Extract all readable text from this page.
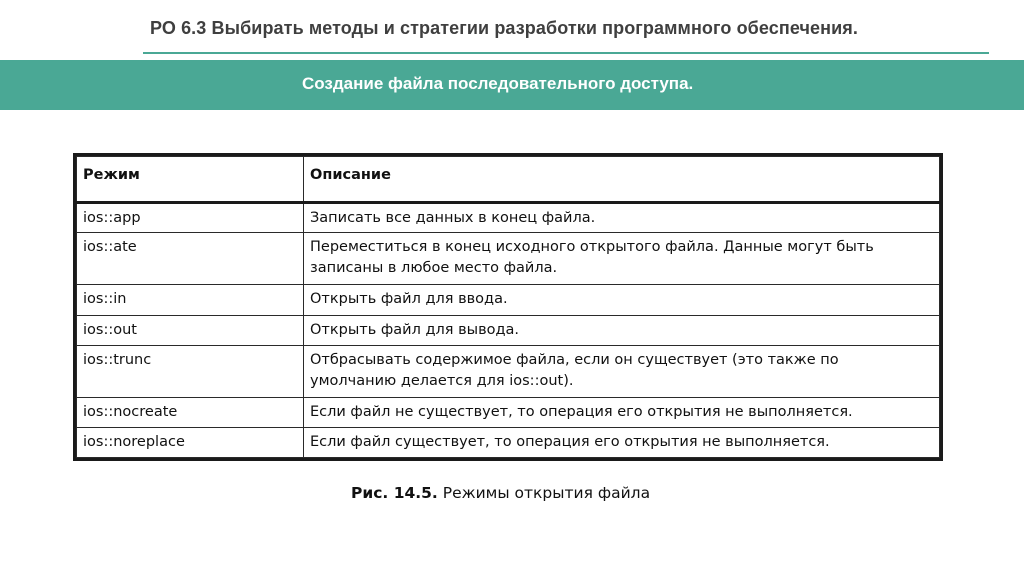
РО 6.3 Выбирать методы и стратегии разработки программного обеспечения.
Создание файла последовательного доступа.
Режим	Описание
ios::app	Записать все данных в конец файла.
ios::ate	Переместиться в конец исходного открытого файла. Данные могут быть записаны в любое место файла.
ios::in	Открыть файл для ввода.
ios::out	Открыть файл для вывода.
ios::trunc	Отбрасывать содержимое файла, если он существует (это также по умолчанию делается для ios::out).
ios::nocreate	Если файл не существует, то операция его открытия не выполняется.
ios::noreplace	Если файл существует, то операция его открытия не выполняется.
Рис. 14.5. Режимы открытия файла
